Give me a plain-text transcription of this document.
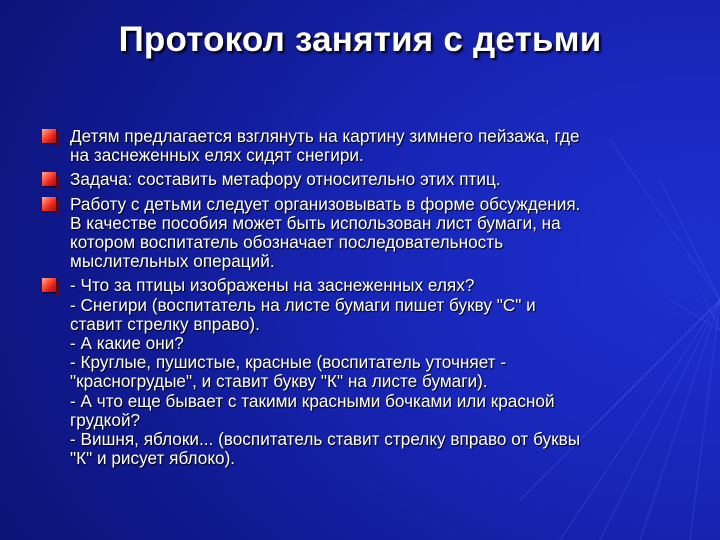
Протокол занятия с детьми
Детям предлагается взглянуть на картину зимнего пейзажа, где
на заснеженных елях сидят снегири.
Задача: составить метафору относительно этих птиц.
Работу с детьми следует организовывать в форме обсуждения.
В качестве пособия может быть использован лист бумаги, на
котором воспитатель обозначает последовательность
мыслительных операций.
- Что за птицы изображены на заснеженных елях?
- Снегири (воспитатель на листе бумаги пишет букву "С" и
ставит стрелку вправо).
- А какие они?
- Круглые, пушистые, красные (воспитатель уточняет -
"красногрудые", и ставит букву "К" на листе бумаги).
- А что еще бывает с такими красными бочками или красной
грудкой?
- Вишня, яблоки... (воспитатель ставит стрелку вправо от буквы
"К" и рисует яблоко).
